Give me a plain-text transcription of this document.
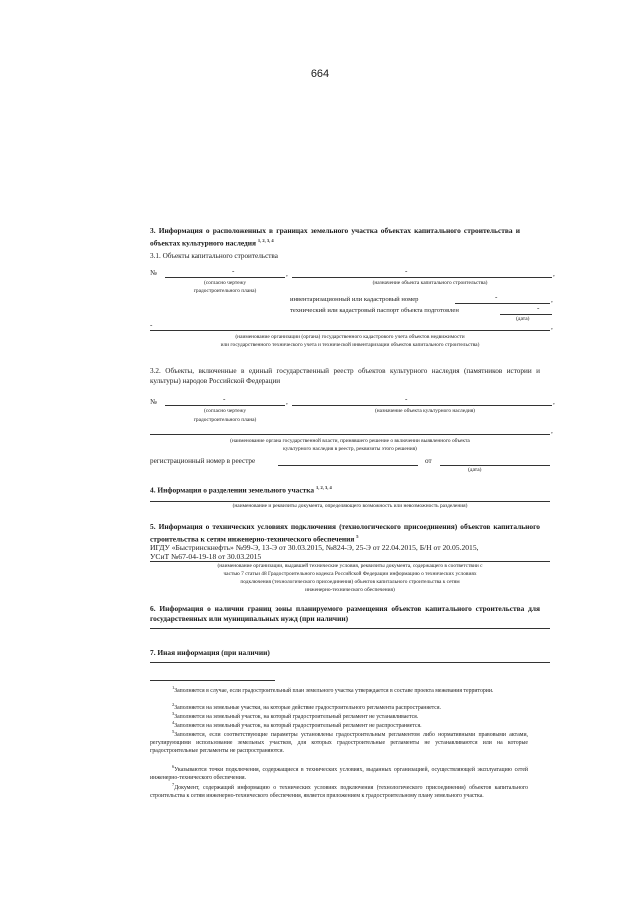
664
3. Информация о расположенных в границах земельного участка объектах капитального строительства и объектах культурного наследия $^{1, 2, 3, 4}$
3.1. Объекты капитального строительства
№	-	,	-	,
(согласно чертежу
градостроительного плана)
(назначение объекта капитального строительства)
инвентаризационный или кадастровый номер	-	,
технический или кадастровый паспорт объекта подготовлен	-
(дата)
-	,
(наименование организации (органа) государственного кадастрового учета объектов недвижимости
или государственного технического учета и технической инвентаризации объектов капитального строительства)
3.2. Объекты, включенные в единый государственный реестр объектов культурного наследия (памятников истории и культуры) народов Российской Федерации
№	-	,	-	,
(согласно чертежу
градостроительного плана)
(назначение объекта культурного наследия)
,
(наименование органа государственной власти, принявшего решение о включении выявленного объекта
культурного наследия в реестр, реквизиты этого решения)
регистрационный номер в реестре	от
(дата)
4. Информация о разделении земельного участка $^{1, 2, 3, 4}$
(наименование и реквизиты документа, определяющего возможность или невозможность разделения)
5. Информация о технических условиях подключения (технологического присоединения) объектов капитального строительства к сетям инженерно-технического обеспечения $^5$
ИГДУ «Быстринскнефть» №99-Э, 13-Э от 30.03.2015, №824-Э, 25-Э от 22.04.2015, Б/Н от 20.05.2015,
УСиТ №67-04-19-18 от 30.03.2015
(наименование организации, выдавшей технические условия, реквизиты документа, содержащего в соответствии с
частью 7 статьи 48 Градостроительного кодекса Российской Федерации информацию о технических условиях
подключения (технологического присоединения) объектов капитального строительства к сетям
инженерно-технического обеспечения)
6. Информация о наличии границ зоны планируемого размещения объектов капитального строительства для государственных или муниципальных нужд (при наличии)
7. Иная информация (при наличии)
$^1$Заполняется в случае, если градостроительный план земельного участка утверждается в составе проекта межевания территории.
$^2$Заполняется на земельные участки, на которые действие градостроительного регламента распространяется.
$^3$Заполняется на земельный участок, на который градостроительный регламент не устанавливается.
$^4$Заполняется на земельный участок, на который градостроительный регламент не распространяется.
$^5$Заполняется, если соответствующие параметры установлены градостроительным регламентом либо нормативными правовыми актами, регулирующими использование земельных участков, для которых градостроительные регламенты не устанавливаются или на которые градостроительные регламенты не распространяются.
$^6$Указываются точки подключения, содержащиеся в технических условиях, выданных организацией, осуществляющей эксплуатацию сетей инженерно-технического обеспечения.
$^7$Документ, содержащий информацию о технических условиях подключения (технологического присоединения) объектов капитального строительства к сетям инженерно-технического обеспечения, является приложением к градостроительному плану земельного участка.
